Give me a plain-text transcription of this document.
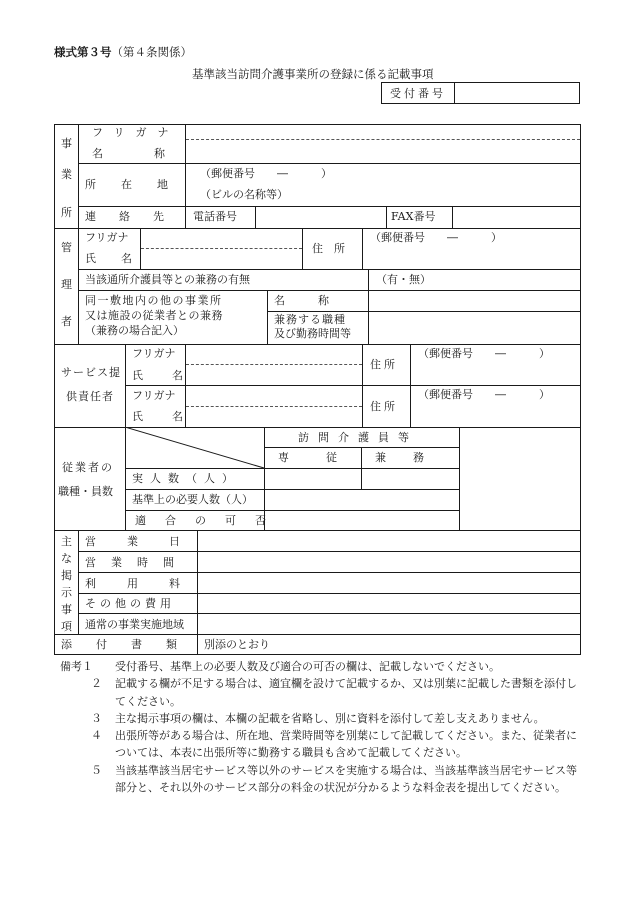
様式第３号（第４条関係）
基準該当訪問介護事業所の登録に係る記載事項
受付番号
事
業
所
フリガナ
名称
所在地
（郵便番号　　―　　　）
（ビルの名称等）
連絡先 電話番号	FAX番号
管
理
者
フリガナ
氏　名
住　所
（郵便番号　　―　　　）
当該通所介護員等との兼務の有無	（有・無）
同一敷地内の他の事業所
又は施設の従業者との兼務
（兼務の場合記入）
名　　　称
兼務する職種
及び勤務時間等
サービス提
供責任者
フリガナ
氏　名
住所
（郵便番号　　―　　　）
フリガナ
氏　名
住所
（郵便番号　　―　　　）
従業者の
職種・員数
訪問介護員等
専従 兼務
実人数（人）
基準上の必要人数（人）
適合の可否
主
な
掲
示
事
項
営業日
営業時間
利用料
その他の費用
通常の事業実施地域
添付書類 別添のとおり
備考１ 受付番号、基準上の必要人数及び適合の可否の欄は、記載しないでください。
２ 記載する欄が不足する場合は、適宜欄を設けて記載するか、又は別葉に記載した書類を添付してください。
３ 主な掲示事項の欄は、本欄の記載を省略し、別に資料を添付して差し支えありません。
４ 出張所等がある場合は、所在地、営業時間等を別葉にして記載してください。また、従業者については、本表に出張所等に勤務する職員も含めて記載してください。
５ 当該基準該当居宅サービス等以外のサービスを実施する場合は、当該基準該当居宅サービス等部分と、それ以外のサービス部分の料金の状況が分かるような料金表を提出してください。
